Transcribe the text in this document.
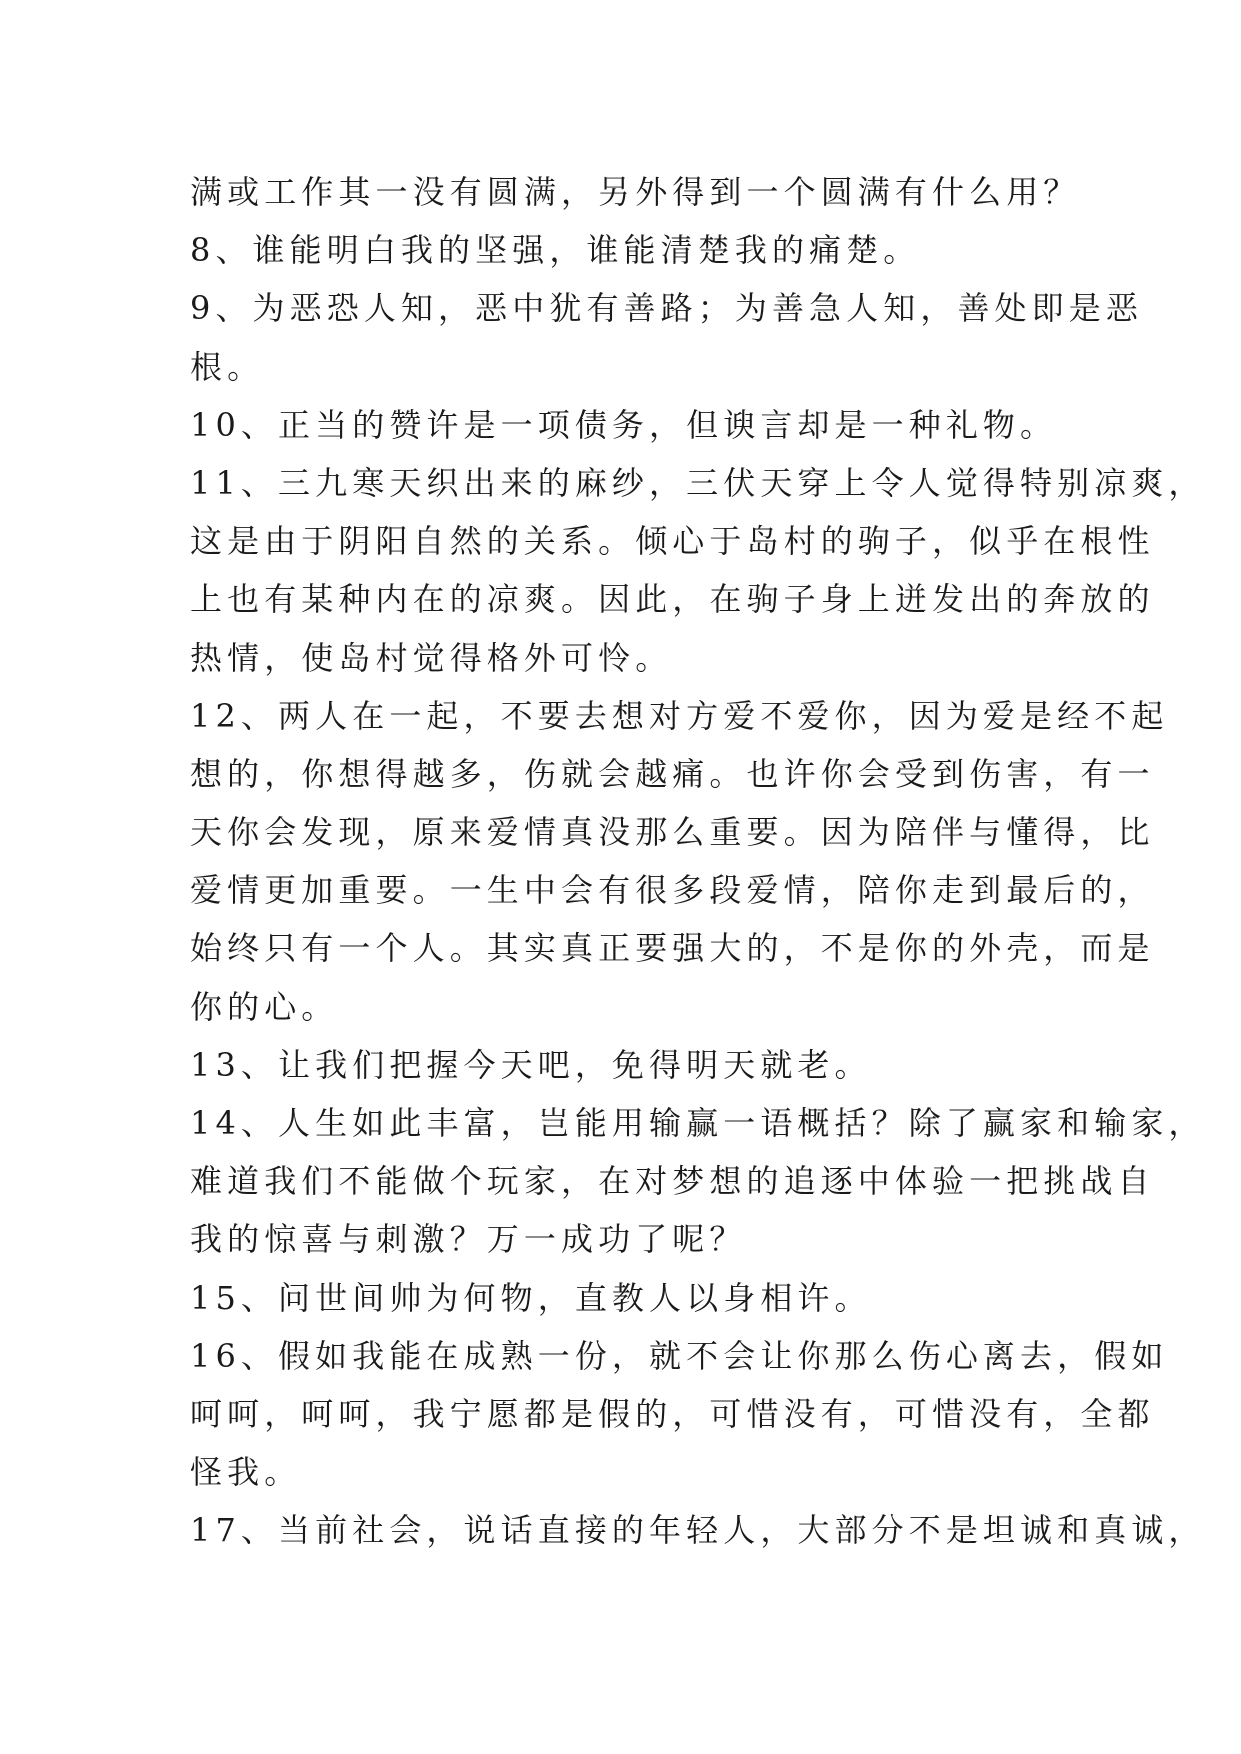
满或工作其一没有圆满，另外得到一个圆满有什么用？
8、谁能明白我的坚强，谁能清楚我的痛楚。
9、为恶恐人知，恶中犹有善路；为善急人知，善处即是恶
根。
10、正当的赞许是一项债务，但谀言却是一种礼物。
11、三九寒天织出来的麻纱，三伏天穿上令人觉得特别凉爽，
这是由于阴阳自然的关系。倾心于岛村的驹子，似乎在根性
上也有某种内在的凉爽。因此，在驹子身上迸发出的奔放的
热情，使岛村觉得格外可怜。
12、两人在一起，不要去想对方爱不爱你，因为爱是经不起
想的，你想得越多，伤就会越痛。也许你会受到伤害，有一
天你会发现，原来爱情真没那么重要。因为陪伴与懂得，比
爱情更加重要。一生中会有很多段爱情，陪你走到最后的，
始终只有一个人。其实真正要强大的，不是你的外壳，而是
你的心。
13、让我们把握今天吧，免得明天就老。
14、人生如此丰富，岂能用输赢一语概括？除了赢家和输家，
难道我们不能做个玩家，在对梦想的追逐中体验一把挑战自
我的惊喜与刺激？万一成功了呢？
15、问世间帅为何物，直教人以身相许。
16、假如我能在成熟一份，就不会让你那么伤心离去，假如
呵呵，呵呵，我宁愿都是假的，可惜没有，可惜没有，全都
怪我。
17、当前社会，说话直接的年轻人，大部分不是坦诚和真诚，
